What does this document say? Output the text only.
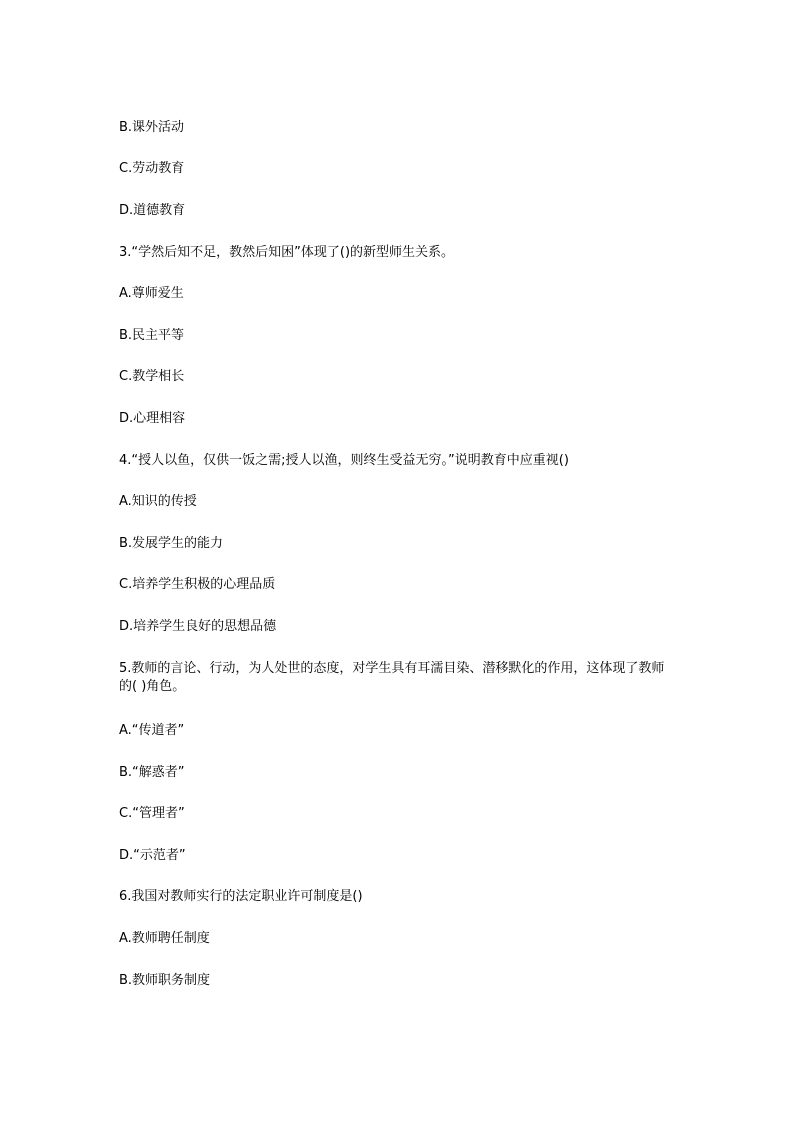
B.课外活动
C.劳动教育
D.道德教育
3.“学然后知不足，教然后知困”体现了()的新型师生关系。
A.尊师爱生
B.民主平等
C.教学相长
D.心理相容
4.“授人以鱼，仅供一饭之需;授人以渔，则终生受益无穷。”说明教育中应重视()
A.知识的传授
B.发展学生的能力
C.培养学生积极的心理品质
D.培养学生良好的思想品德
5.教师的言论、行动，为人处世的态度，对学生具有耳濡目染、潜移默化的作用，这体现了教师的( )角色。
A.“传道者”
B.“解惑者”
C.“管理者”
D.“示范者”
6.我国对教师实行的法定职业许可制度是()
A.教师聘任制度
B.教师职务制度
